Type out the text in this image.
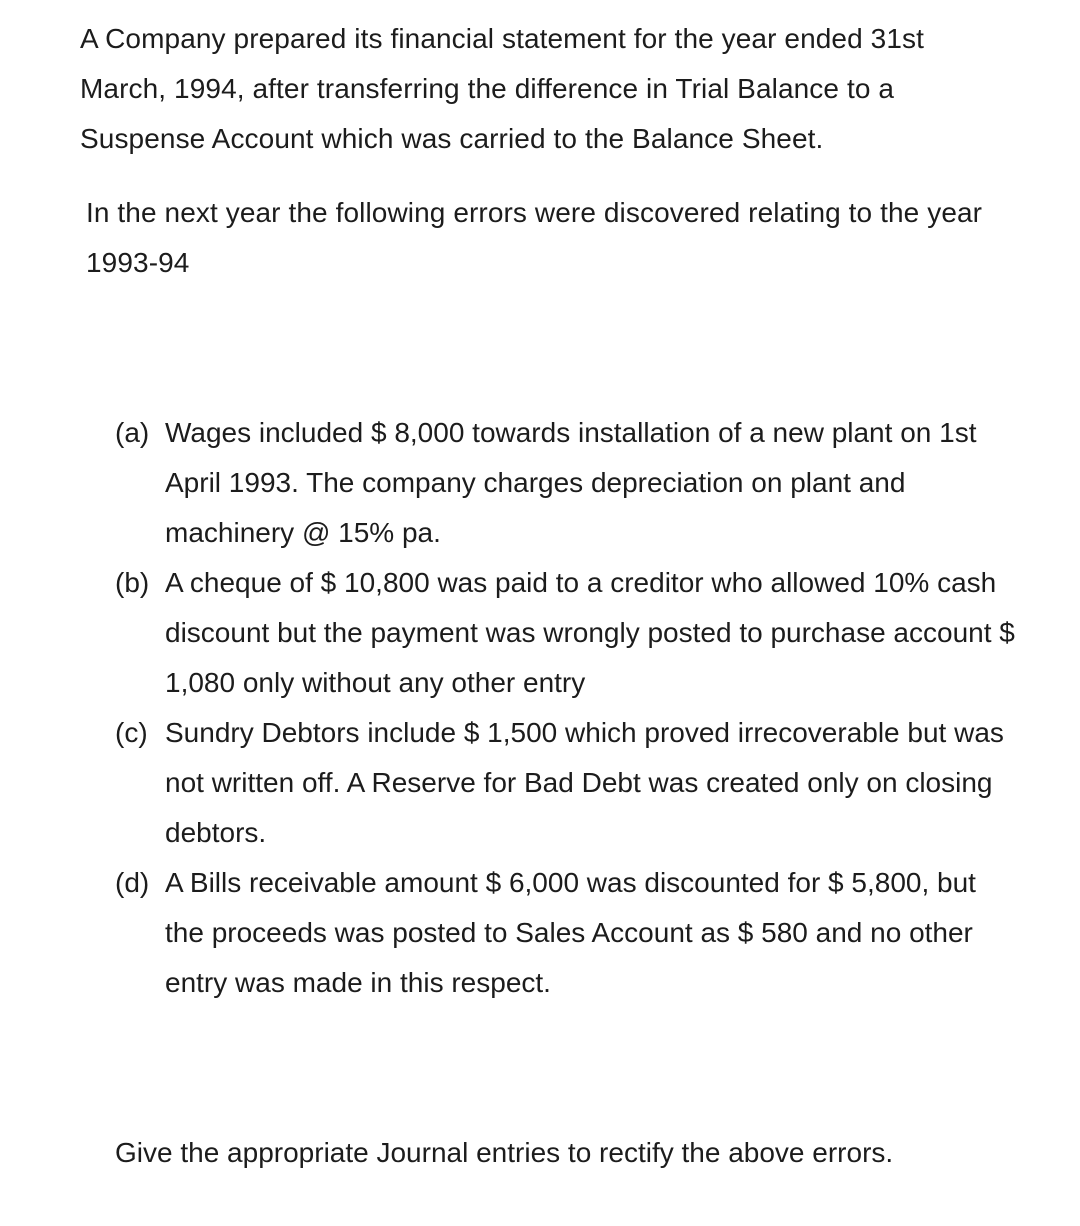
A Company prepared its financial statement for the year ended 31st March, 1994, after transferring the difference in Trial Balance to a Suspense Account which was carried to the Balance Sheet.

In the next year the following errors were discovered relating to the year 1993-94

(a) Wages included $ 8,000 towards installation of a new plant on 1st April 1993. The company charges depreciation on plant and machinery @ 15% pa.
(b) A cheque of $ 10,800 was paid to a creditor who allowed 10% cash discount but the payment was wrongly posted to purchase account $ 1,080 only without any other entry
(c) Sundry Debtors include $ 1,500 which proved irrecoverable but was not written off. A Reserve for Bad Debt was created only on closing debtors.
(d) A Bills receivable amount $ 6,000 was discounted for $ 5,800, but the proceeds was posted to Sales Account as $ 580 and no other entry was made in this respect.

Give the appropriate Journal entries to rectify the above errors.
